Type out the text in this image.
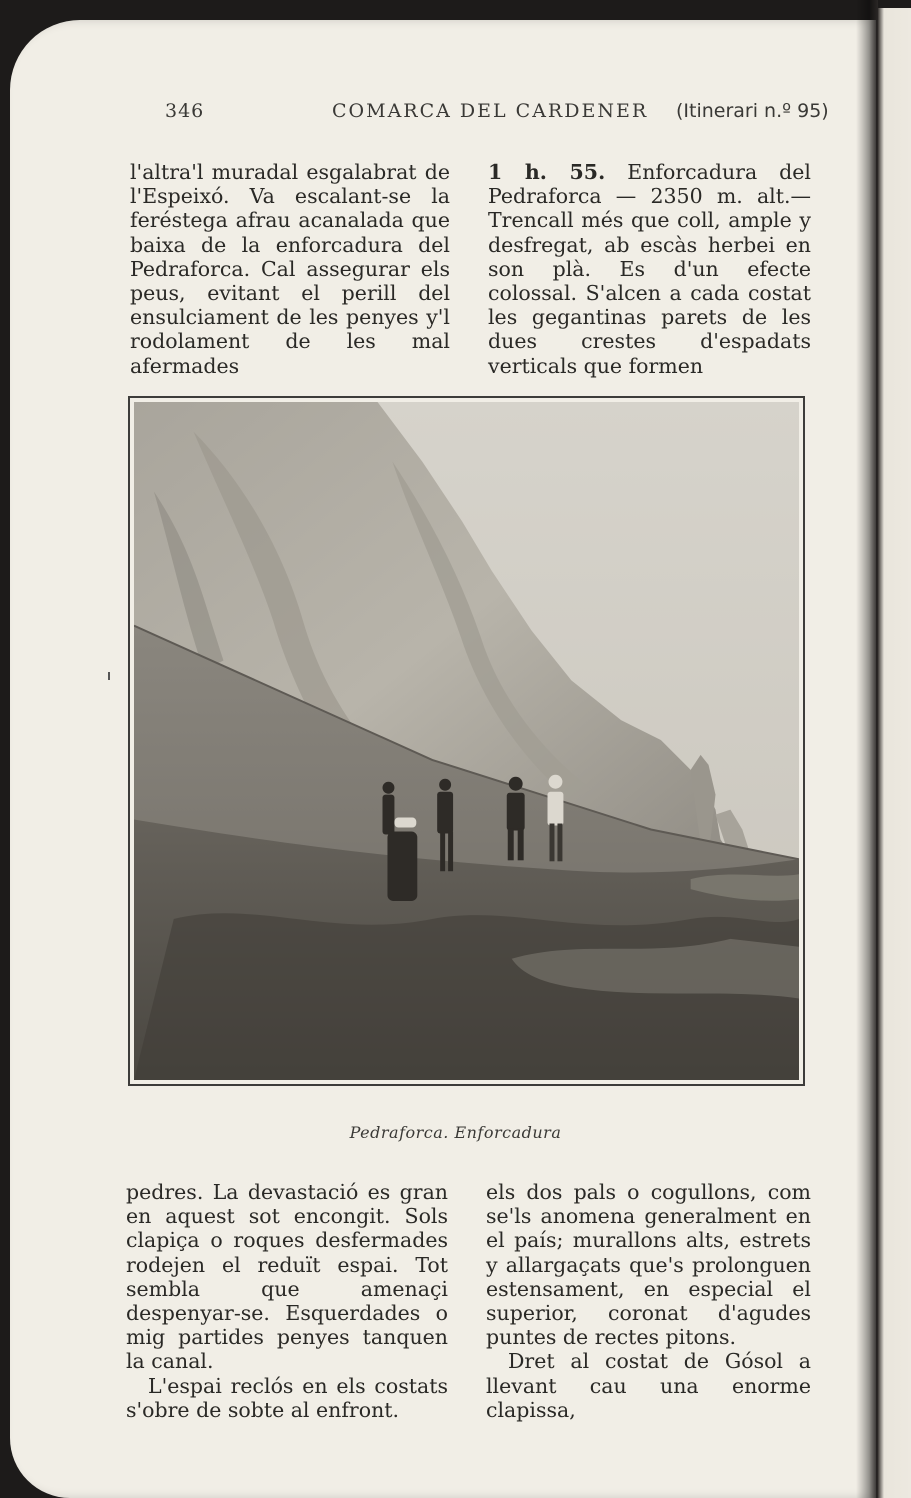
346	COMARCA DEL CARDENER (Itinerari n.º 95)

l'altra'l muradal esgalabrat de l'Espeixó. Va escalant-se la feréstega afrau acanalada que baixa de la enforcadura del Pedraforca. Cal assegurar els peus, evitant el perill del ensulciament de les penyes y'l rodolament de les mal afermades

1 h. 55. Enforcadura del Pedraforca — 2350 m. alt.— Trencall més que coll, ample y desfregat, ab escàs herbei en son plà. Es d'un efecte colossal. S'alcen a cada costat les gegantinas parets de les dues crestes d'espadats verticals que formen

Pedraforca. Enforcadura

pedres. La devastació es gran en aquest sot encongit. Sols clapiça o roques desfermades rodejen el reduït espai. Tot sembla que amenaçi despenyar-se. Esquerdades o mig partides penyes tanquen la canal.

L'espai reclós en els costats s'obre de sobte al enfront.

els dos pals o cogullons, com se'ls anomena generalment en el país; murallons alts, estrets y allargaçats que's prolonguen estensament, en especial el superior, coronat d'agudes puntes de rectes pitons.

Dret al costat de Gósol a llevant cau una enorme clapissa,
